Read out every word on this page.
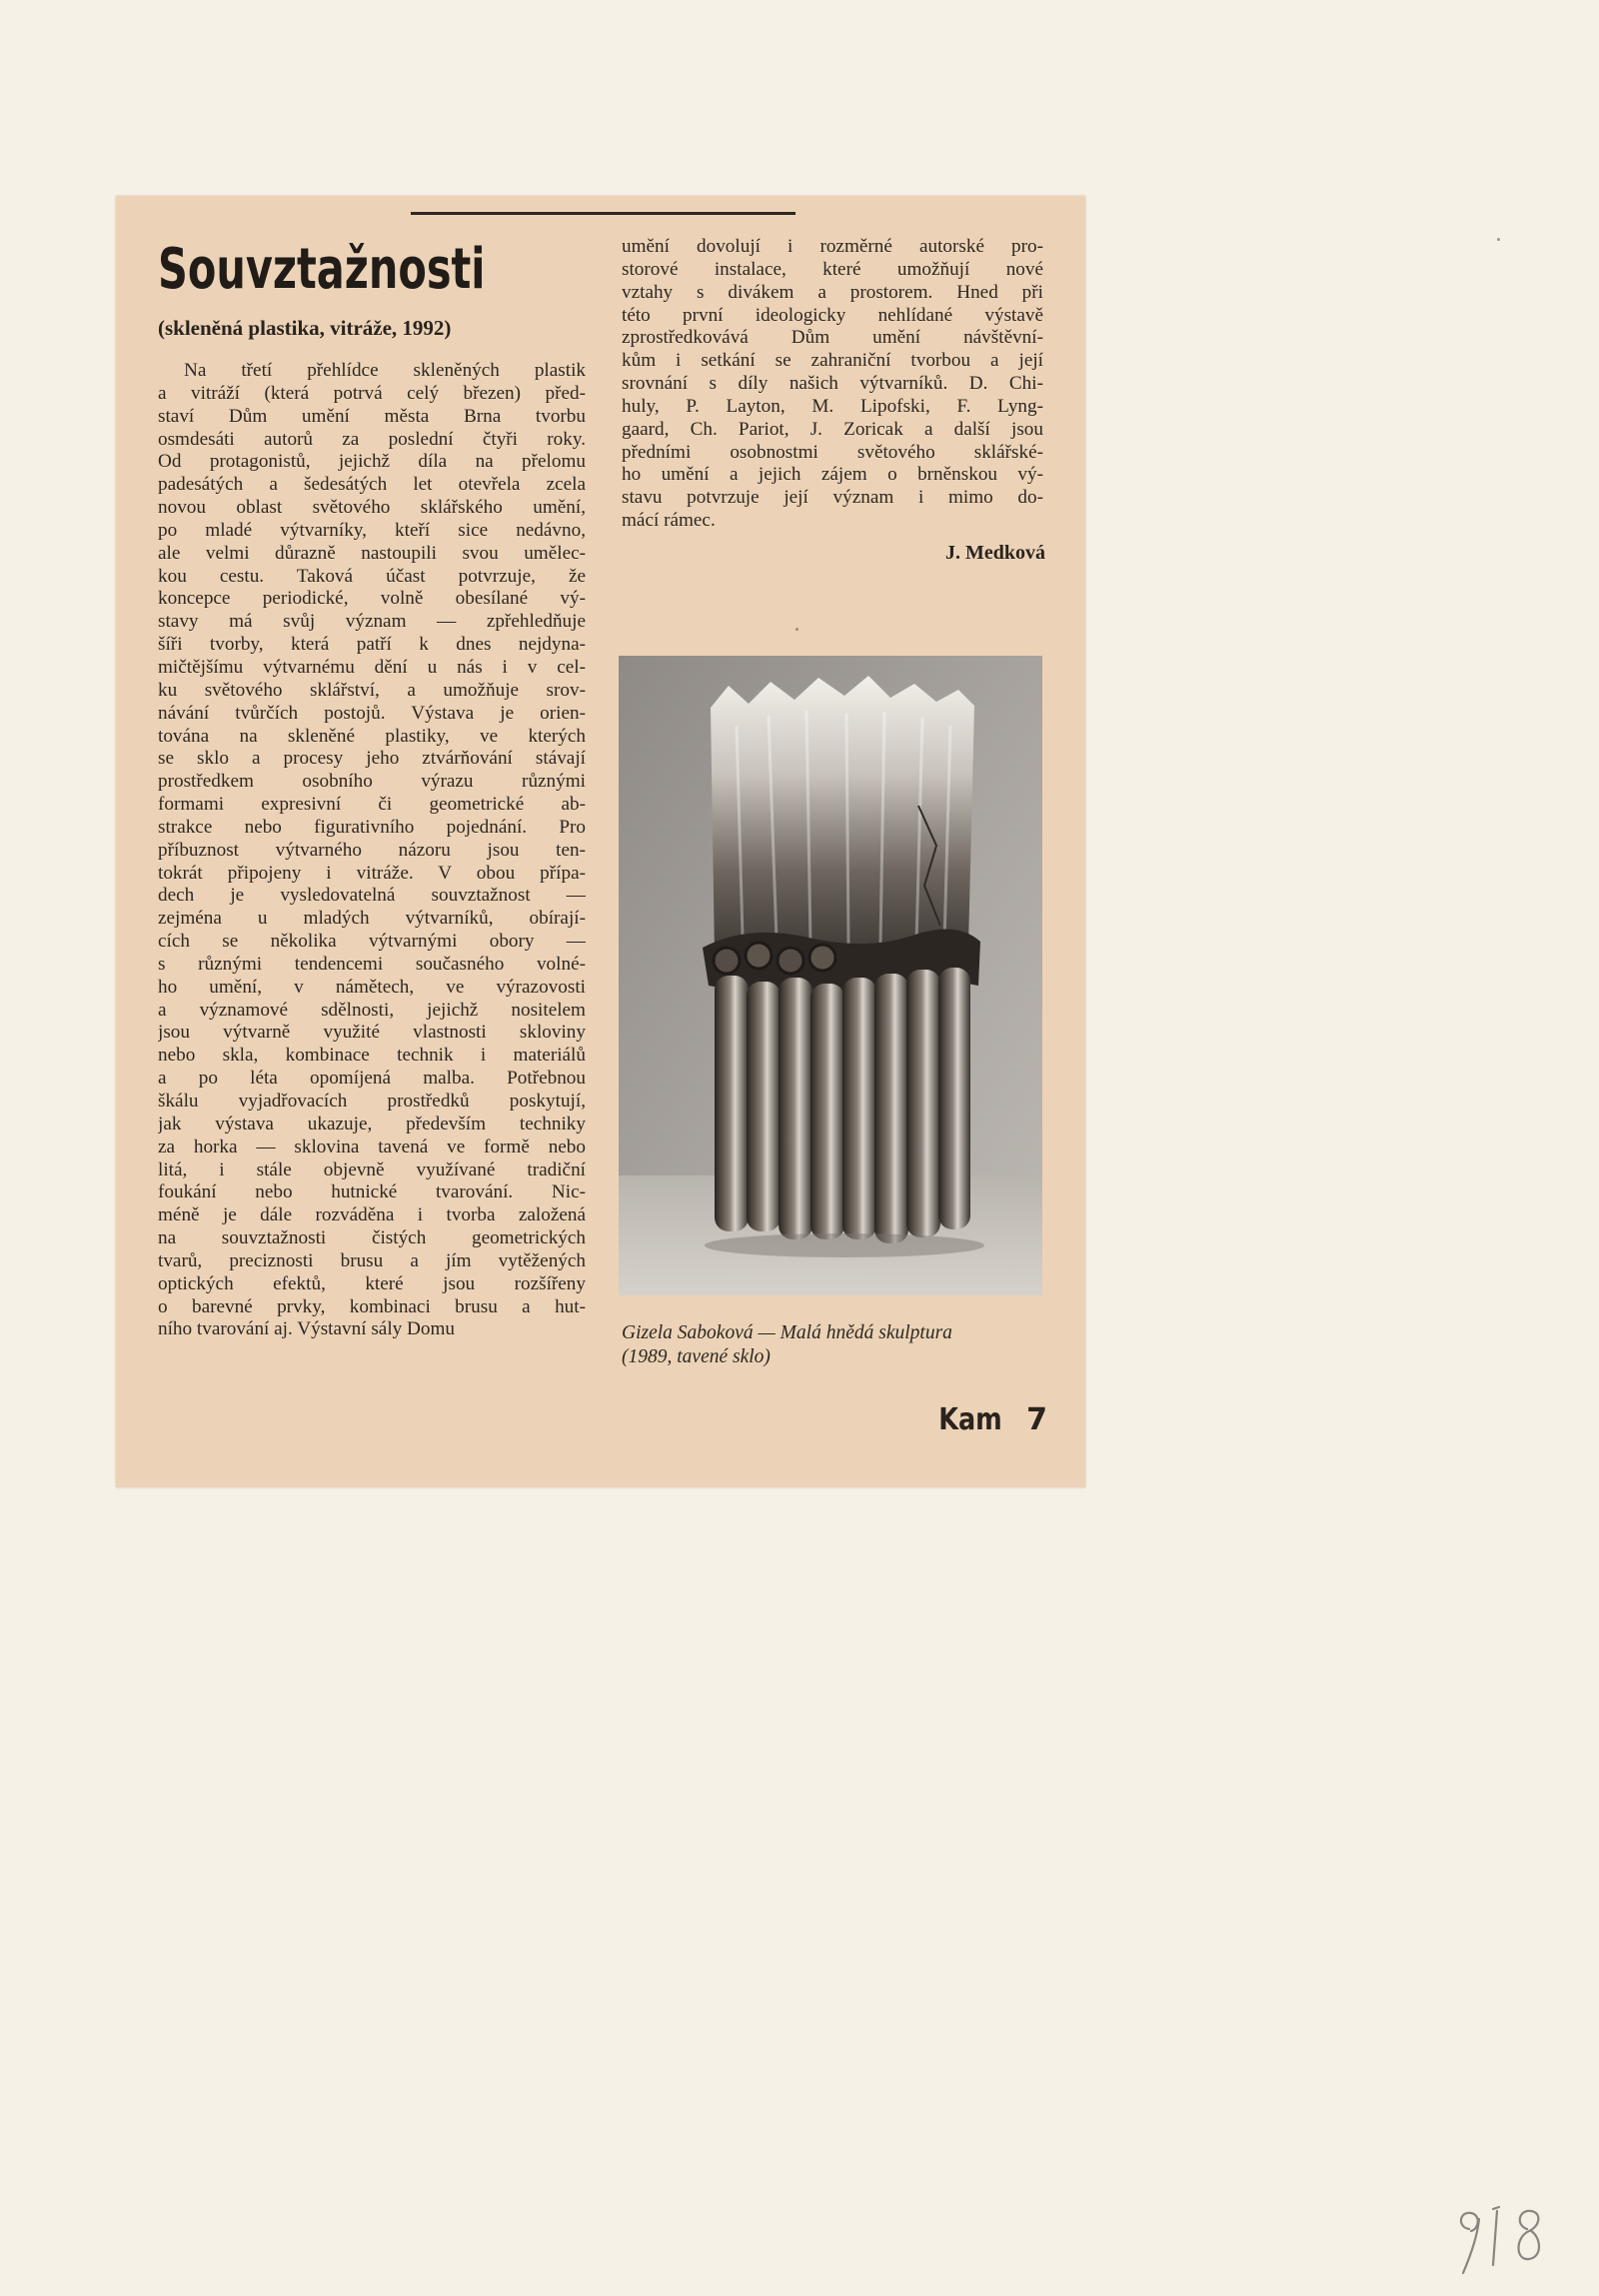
Souvztažnosti
(skleněná plastika, vitráže, 1992)
Na třetí přehlídce skleněných plastik
a vitráží (která potrvá celý březen) před-
staví Dům umění města Brna tvorbu
osmdesáti autorů za poslední čtyři roky.
Od protagonistů, jejichž díla na přelomu
padesátých a šedesátých let otevřela zcela
novou oblast světového sklářského umění,
po mladé výtvarníky, kteří sice nedávno,
ale velmi důrazně nastoupili svou umělec-
kou cestu. Taková účast potvrzuje, že
koncepce periodické, volně obesílané vý-
stavy má svůj význam — zpřehledňuje
šíři tvorby, která patří k dnes nejdyna-
mičtějšímu výtvarnému dění u nás i v cel-
ku světového sklářství, a umožňuje srov-
návání tvůrčích postojů. Výstava je orien-
tována na skleněné plastiky, ve kterých
se sklo a procesy jeho ztvárňování stávají
prostředkem osobního výrazu různými
formami expresivní či geometrické ab-
strakce nebo figurativního pojednání. Pro
příbuznost výtvarného názoru jsou ten-
tokrát připojeny i vitráže. V obou přípa-
dech je vysledovatelná souvztažnost —
zejména u mladých výtvarníků, obírají-
cích se několika výtvarnými obory —
s různými tendencemi současného volné-
ho umění, v námětech, ve výrazovosti
a významové sdělnosti, jejichž nositelem
jsou výtvarně využité vlastnosti skloviny
nebo skla, kombinace technik i materiálů
a po léta opomíjená malba. Potřebnou
škálu vyjadřovacích prostředků poskytují,
jak výstava ukazuje, především techniky
za horka — sklovina tavená ve formě nebo
litá, i stále objevně využívané tradiční
foukání nebo hutnické tvarování. Nic-
méně je dále rozváděna i tvorba založená
na souvztažnosti čistých geometrických
tvarů, preciznosti brusu a jím vytěžených
optických efektů, které jsou rozšířeny
o barevné prvky, kombinaci brusu a hut-
ního tvarování aj. Výstavní sály Domu
umění dovolují i rozměrné autorské pro-
storové instalace, které umožňují nové
vztahy s divákem a prostorem. Hned při
této první ideologicky nehlídané výstavě
zprostředkovává Dům umění návštěvní-
kům i setkání se zahraniční tvorbou a její
srovnání s díly našich výtvarníků. D. Chi-
huly, P. Layton, M. Lipofski, F. Lyng-
gaard, Ch. Pariot, J. Zoricak a další jsou
předními osobnostmi světového sklářské-
ho umění a jejich zájem o brněnskou vý-
stavu potvrzuje její význam i mimo do-
mácí rámec.
J. Medková
Gizela Saboková — Malá hnědá skulptura
(1989, tavené sklo)
Kam 7
